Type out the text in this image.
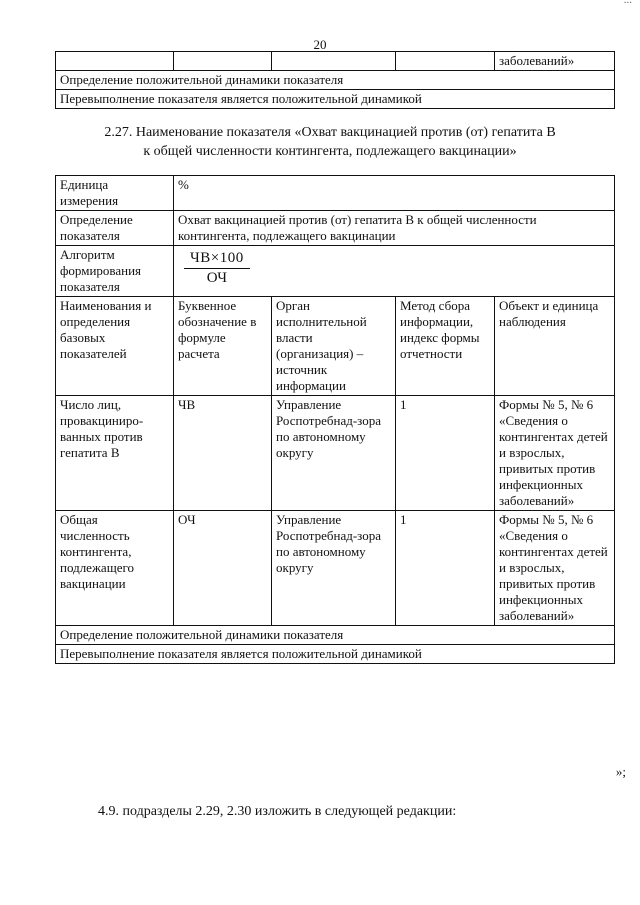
...
20
				заболеваний»
Определение положительной динамики показателя
Перевыполнение показателя является положительной динамикой
2.27. Наименование показателя «Охват вакцинацией против (от) гепатита В
к общей численности контингента, подлежащего вакцинации»
Единица измерения	%			
Определение показателя	Охват вакцинацией против (от) гепатита В к общей численности контингента, подлежащего вакцинации			
Алгоритм формирования показателя	$\frac{ЧВ\times 100}{ОЧ}$

Наименования и определения базовых показателей	Буквенное обозначение в формуле расчета	Орган исполнительной власти (организация) – источник информации	Метод сбора информации, индекс формы отчетности	Объект и единица наблюдения
Число лиц, провакциниро-ванных против гепатита В	ЧВ	Управление Роспотребнад-зора по автономному округу	1	Формы № 5, № 6 «Сведения о контингентах детей и взрослых, привитых против инфекционных заболеваний»
Общая численность контингента, подлежащего вакцинации	ОЧ	Управление Роспотребнад-зора по автономному округу	1	Формы № 5, № 6 «Сведения о контингентах детей и взрослых, привитых против инфекционных заболеваний»
Определение положительной динамики показателя				
Перевыполнение показателя является положительной динамикой				
»;
4.9. подразделы 2.29, 2.30 изложить в следующей редакции:
